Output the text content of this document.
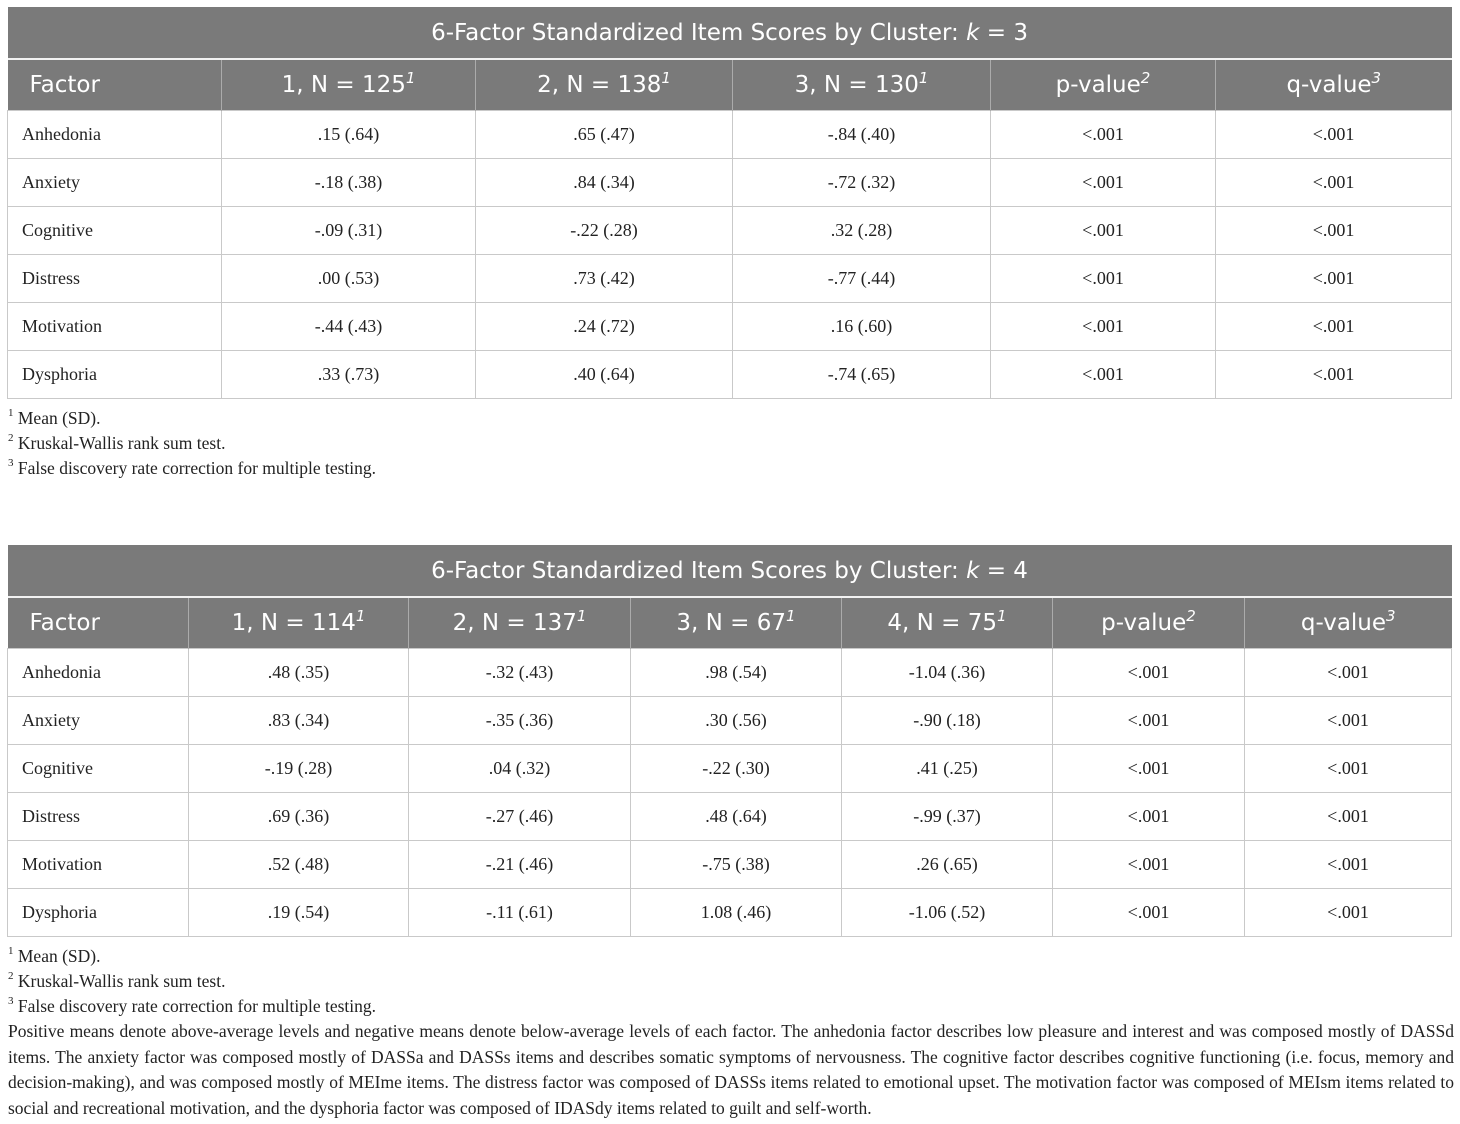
6-Factor Standardized Item Scores by Cluster: k = 3					
Factor	1, $N = 125^1$	2, $N = 138^1$	3, $N = 130^1$	p-value$^2$	q-value$^3$
Anhedonia	.15 (.64)	.65 (.47)	-.84 (.40)	<.001	<.001
Anxiety	-.18 (.38)	.84 (.34)	-.72 (.32)	<.001	<.001
Cognitive	-.09 (.31)	-.22 (.28)	.32 (.28)	<.001	<.001
Distress	.00 (.53)	.73 (.42)	-.77 (.44)	<.001	<.001
Motivation	-.44 (.43)	.24 (.72)	.16 (.60)	<.001	<.001
Dysphoria	.33 (.73)	.40 (.64)	-.74 (.65)	<.001	<.001
$^1$ Mean (SD).
$^2$ Kruskal-Wallis rank sum test.
$^3$ False discovery rate correction for multiple testing.
6-Factor Standardized Item Scores by Cluster: k = 4						
Factor	1, $N = 114^1$	2, $N = 137^1$	3, $N = 67^1$	4, $N = 75^1$	p-value$^2$	q-value$^3$
Anhedonia	.48 (.35)	-.32 (.43)	.98 (.54)	-1.04 (.36)	<.001	<.001
Anxiety	.83 (.34)	-.35 (.36)	.30 (.56)	-.90 (.18)	<.001	<.001
Cognitive	-.19 (.28)	.04 (.32)	-.22 (.30)	.41 (.25)	<.001	<.001
Distress	.69 (.36)	-.27 (.46)	.48 (.64)	-.99 (.37)	<.001	<.001
Motivation	.52 (.48)	-.21 (.46)	-.75 (.38)	.26 (.65)	<.001	<.001
Dysphoria	.19 (.54)	-.11 (.61)	1.08 (.46)	-1.06 (.52)	<.001	<.001
$^1$ Mean (SD).
$^2$ Kruskal-Wallis rank sum test.
$^3$ False discovery rate correction for multiple testing.
Positive means denote above-average levels and negative means denote below-average levels of each factor. The anhedonia factor describes low pleasure and interest and was composed mostly of DASSd items. The anxiety factor was composed mostly of DASSa and DASSs items and describes somatic symptoms of nervousness. The cognitive factor describes cognitive functioning (i.e. focus, memory and decision-making), and was composed mostly of MEIme items. The distress factor was composed of DASSs items related to emotional upset. The motivation factor was composed of MEIsm items related to social and recreational motivation, and the dysphoria factor was composed of IDASdy items related to guilt and self-worth.
